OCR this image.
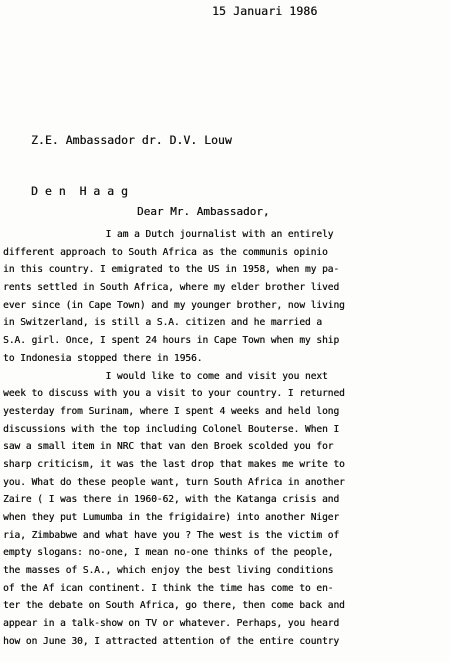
15 Januari 1986

Z.E. Ambassador dr. D.V. Louw

D e n  H a a g

Dear Mr. Ambassador,
I am a Dutch journalist with an entirely
different approach to South Africa as the communis opinio
in this country. I emigrated to the US in 1958, when my pa-
rents settled in South Africa, where my elder brother lived
ever since (in Cape Town) and my younger brother, now living
in Switzerland, is still a S.A. citizen and he married a
S.A. girl. Once, I spent 24 hours in Cape Town when my ship
to Indonesia stopped there in 1956.
I would like to come and visit you next
week to discuss with you a visit to your country. I returned
yesterday from Surinam, where I spent 4 weeks and held long
discussions with the top including Colonel Bouterse. When I
saw a small item in NRC that van den Broek scolded you for
sharp criticism, it was the last drop that makes me write to
you. What do these people want, turn South Africa in another
Zaire ( I was there in 1960-62, with the Katanga crisis and
when they put Lumumba in the frigidaire) into another Niger
ria, Zimbabwe and what have you ? The west is the victim of
empty slogans: no-one, I mean no-one thinks of the people,
the masses of S.A., which enjoy the best living conditions
of the Af ican continent. I think the time has come to en-
ter the debate on South Africa, go there, then come back and
appear in a talk-show on TV or whatever. Perhaps, you heard
how on June 30, I attracted attention of the entire country
